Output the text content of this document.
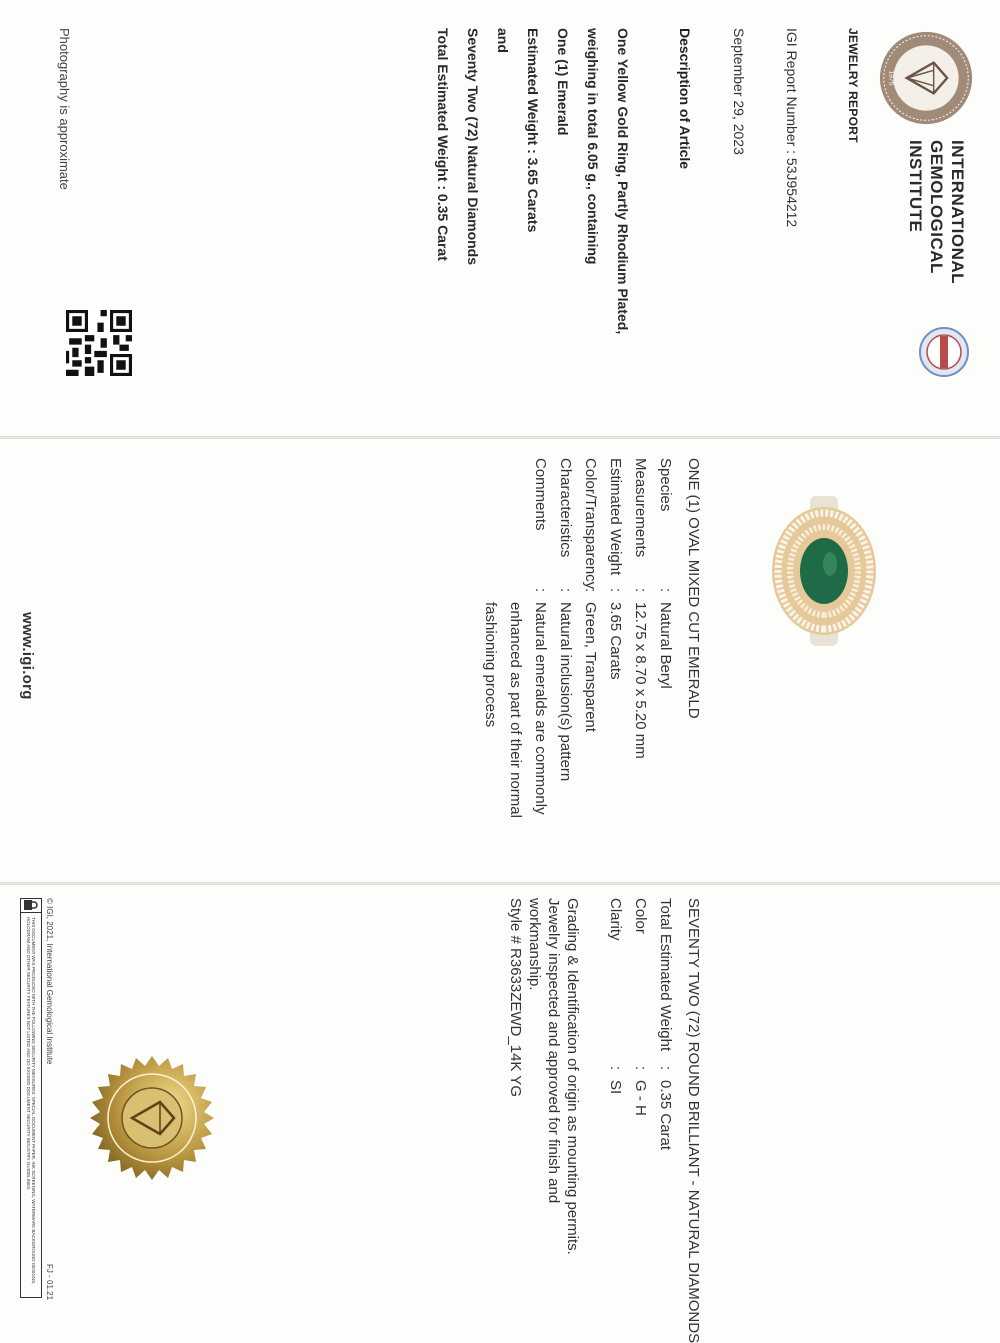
1975
INTERNATIONAL
GEMOLOGICAL
INSTITUTE
JEWELRY REPORT
IGI Report Number : 53J954212
September 29, 2023
Description of Article
One Yellow Gold Ring, Partly Rhodium Plated,
weighing in total 6.05 g., containing
One (1) Emerald
Estimated Weight : 3.65 Carats
and
Seventy Two (72) Natural Diamonds
Total Estimated Weight : 0.35 Carat
Photography is approximate
ONE (1) OVAL MIXED CUT EMERALD
Species
:
Natural Beryl
Measurements
:
12.75 x 8.70 x 5.20 mm
Estimated Weight
:
3.65 Carats
Color/Transparency
:
Green, Transparent
Characteristics
:
Natural inclusion(s) pattern
Comments
:
Natural emeralds are commonly enhanced as part of their normal fashioning process
www.igi.org
SEVENTY TWO (72) ROUND BRILLIANT - NATURAL DIAMONDS
Total Estimated Weight
:
0.35 Carat
Color
:
G - H
Clarity
:
SI
Grading & Identification of origin as mounting permits. Jewelry inspected and approved for finish and workmanship.
Style # R3633ZEWD_14K YG
© IGI, 2021, International Gemological Institute
THIS DOCUMENT WAS PRODUCED WITH THE FOLLOWING SECURITY MEASURES: SPECIAL DOCUMENT PAPER, INK SCREENING, WATERMARK BACKGROUND DESIGNS, HOLOGRAM AND OTHER SECURITY FEATURES NOT LISTED AND DO EXCEED DOCUMENT SECURITY INDUSTRY GUIDELINES.
FJ - 01.21
